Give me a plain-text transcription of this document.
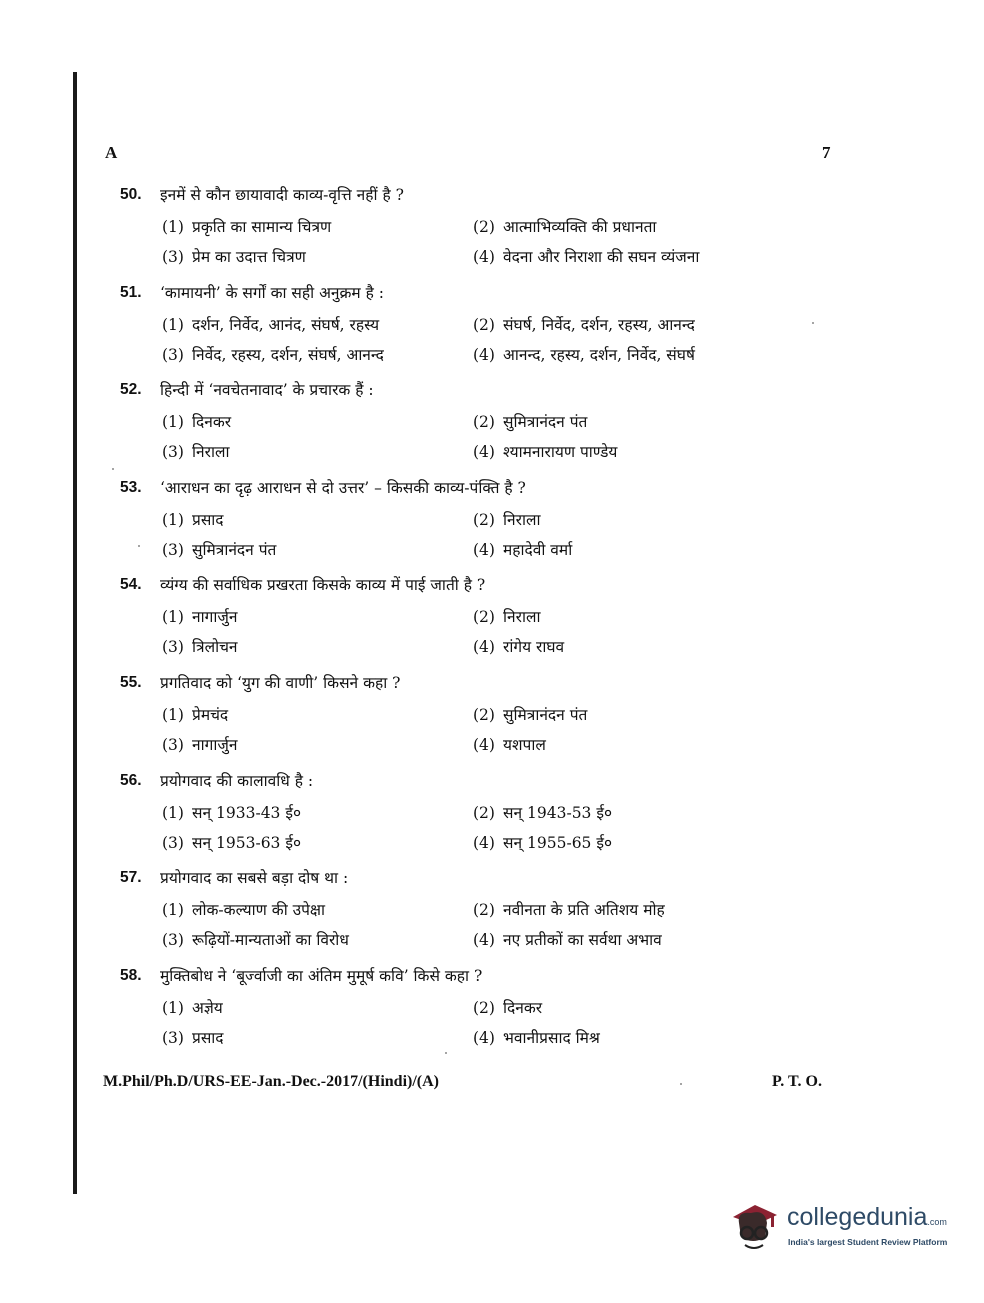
A	7
50. इनमें से कौन छायावादी काव्य-वृत्ति नहीं है ?
(1) प्रकृति का सामान्य चित्रण	(2) आत्माभिव्यक्ति की प्रधानता
(3) प्रेम का उदात्त चित्रण	(4) वेदना और निराशा की सघन व्यंजना
51. ‘कामायनी’ के सर्गों का सही अनुक्रम है :
(1) दर्शन, निर्वेद, आनंद, संघर्ष, रहस्य	(2) संघर्ष, निर्वेद, दर्शन, रहस्य, आनन्द
(3) निर्वेद, रहस्य, दर्शन, संघर्ष, आनन्द	(4) आनन्द, रहस्य, दर्शन, निर्वेद, संघर्ष
52. हिन्दी में ‘नवचेतनावाद’ के प्रचारक हैं :
(1) दिनकर	(2) सुमित्रानंदन पंत
(3) निराला	(4) श्यामनारायण पाण्डेय
53. ‘आराधन का दृढ़ आराधन से दो उत्तर’ – किसकी काव्य-पंक्ति है ?
(1) प्रसाद	(2) निराला
(3) सुमित्रानंदन पंत	(4) महादेवी वर्मा
54. व्यंग्य की सर्वाधिक प्रखरता किसके काव्य में पाई जाती है ?
(1) नागार्जुन	(2) निराला
(3) त्रिलोचन	(4) रांगेय राघव
55. प्रगतिवाद को ‘युग की वाणी’ किसने कहा ?
(1) प्रेमचंद	(2) सुमित्रानंदन पंत
(3) नागार्जुन	(4) यशपाल
56. प्रयोगवाद की कालावधि है :
(1) सन् 1933-43 ई०	(2) सन् 1943-53 ई०
(3) सन् 1953-63 ई०	(4) सन् 1955-65 ई०
57. प्रयोगवाद का सबसे बड़ा दोष था :
(1) लोक-कल्याण की उपेक्षा	(2) नवीनता के प्रति अतिशय मोह
(3) रूढ़ियों-मान्यताओं का विरोध	(4) नए प्रतीकों का सर्वथा अभाव
58. मुक्तिबोध ने ‘बूर्ज्वाजी का अंतिम मुमूर्ष कवि’ किसे कहा ?
(1) अज्ञेय	(2) दिनकर
(3) प्रसाद	(4) भवानीप्रसाद मिश्र
M.Phil/Ph.D/URS-EE-Jan.-Dec.-2017/(Hindi)/(A)	P. T. O.
collegedunia.com
India's largest Student Review Platform
